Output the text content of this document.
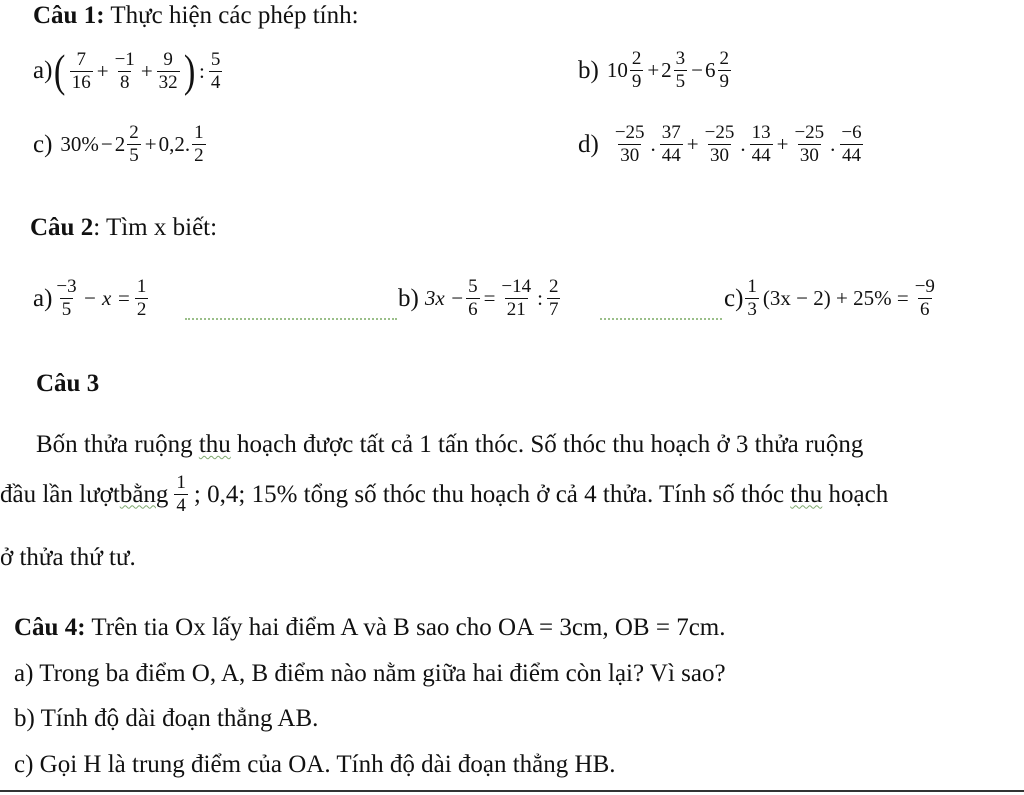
Câu 1: Thực hiện các phép tính:
a) ( $\frac{7}{16} + \frac{-1}{8} + \frac{9}{32}$ ) : $\frac{5}{4}$	b) $10 \frac{2}{9} + 2 \frac{3}{5} - 6 \frac{2}{9}$
c) $30\% - 2 \frac{2}{5} + 0,2$. $\frac{1}{2}$	$d) \frac{-25}{30}$ . $\frac{37}{44} + \frac{-25}{30}$ . $\frac{13}{44} + \frac{-25}{30}$ . $\frac{-6}{44}$
Câu 2: Tìm x biết:
$a) \frac{-3}{5} - x = \frac{1}{2}$	b) $3x - \frac{5}{6} = \frac{-14}{21}$ : $\frac{2}{7}$	$c) \frac{1}{3} (3x - 2) + 25\% = \frac{-9}{6}$
Câu 3
Bốn thửa ruộng thu hoạch được tất cả 1 tấn thóc. Số thóc thu hoạch ở 3 thửa ruộng
đầu lần lượt bằng $\frac{1}{4}$ ; 0,4; 15% tổng số thóc thu hoạch ở cả 4 thửa. Tính số thóc thu hoạch
ở thửa thứ tư.
Câu 4: Trên tia Ox lấy hai điểm A và B sao cho OA = 3cm, OB = 7cm.
a) Trong ba điểm O, A, B điểm nào nằm giữa hai điểm còn lại? Vì sao?
b) Tính độ dài đoạn thẳng AB.
c) Gọi H là trung điểm của OA. Tính độ dài đoạn thẳng HB.
